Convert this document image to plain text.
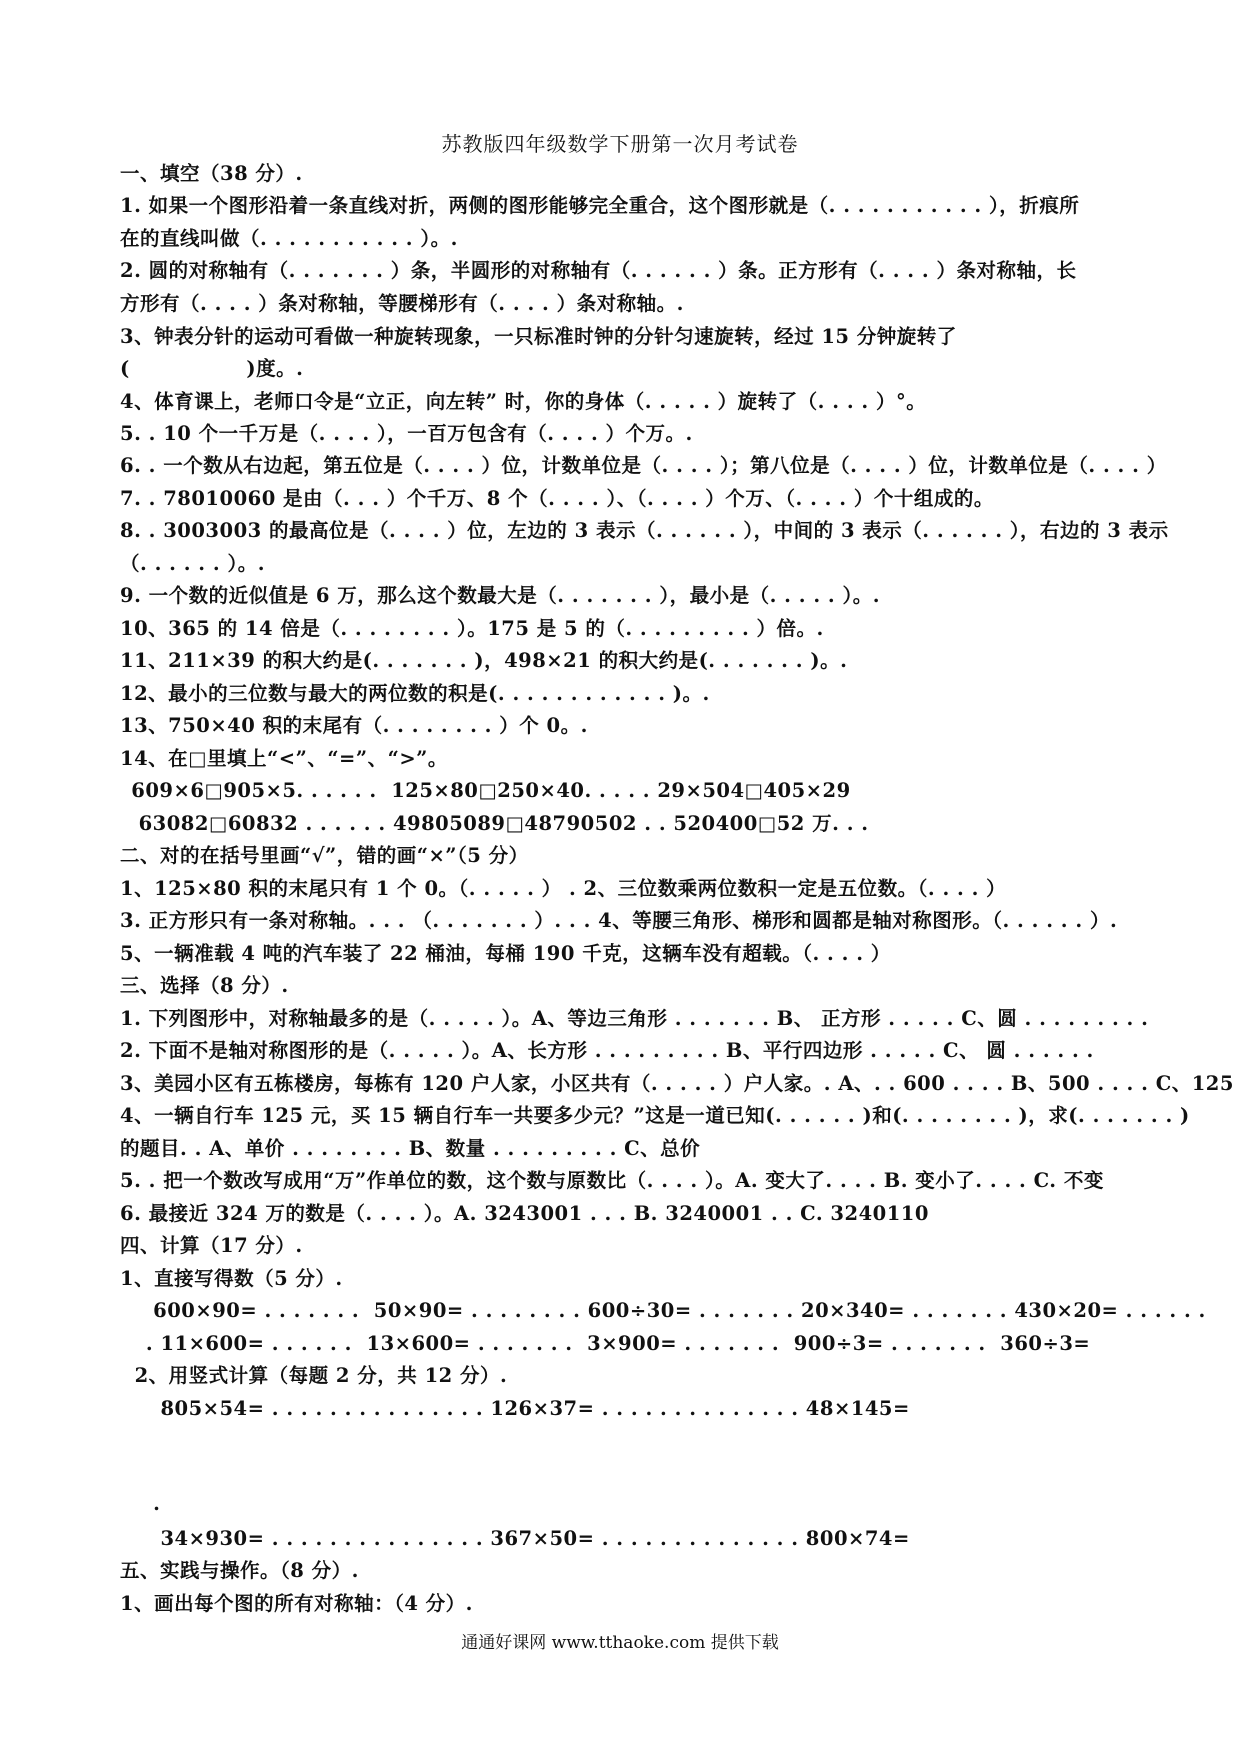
苏教版四年级数学下册第一次月考试卷
一、填空（38 分）.
1. 如果一个图形沿着一条直线对折，两侧的图形能够完全重合，这个图形就是（. . . . . . . . . . . ），折痕所
在的直线叫做（. . . . . . . . . . . ）。.
2. 圆的对称轴有（. . . . . . . ）条，半圆形的对称轴有（. . . . . . ）条。正方形有（. . . . ）条对称轴，长
方形有（. . . . ）条对称轴，等腰梯形有（. . . . ）条对称轴。.
3、钟表分针的运动可看做一种旋转现象，一只标准时钟的分针匀速旋转，经过 15 分钟旋转了
(                )度。.
4、体育课上，老师口令是“立正，向左转” 时，你的身体（. . . . . ）旋转了（. . . . ）°。
5. . 10 个一千万是（. . . . ），一百万包含有（. . . . ）个万。.
6. . 一个数从右边起，第五位是（. . . . ）位，计数单位是（. . . . ）；第八位是（. . . . ）位，计数单位是（. . . . ）
7. . 78010060 是由（. . . ）个千万、8 个（. . . . ）、（. . . . ）个万、（. . . . ）个十组成的。
8. . 3003003 的最高位是（. . . . ）位，左边的 3 表示（. . . . . . ），中间的 3 表示（. . . . . . ），右边的 3 表示
（. . . . . . ）。.
9. 一个数的近似值是 6 万，那么这个数最大是（. . . . . . . ），最小是（. . . . . ）。.
10、365 的 14 倍是（. . . . . . . . ）。175 是 5 的（. . . . . . . . . ）倍。.
11、211×39 的积大约是(. . . . . . . )，498×21 的积大约是(. . . . . . . )。.
12、最小的三位数与最大的两位数的积是(. . . . . . . . . . . . )。.
13、750×40 积的末尾有（. . . . . . . . ）个 0。.
14、在□里填上“<”、“=”、“>”。
609×6□905×5. . . . . .  125×80□250×40. . . . . 29×504□405×29
63082□60832 . . . . . . 49805089□48790502 . . 520400□52 万. . .
二、对的在括号里画“√”，错的画“×”（5 分）
1、125×80 积的末尾只有 1 个 0。（. . . . . ） . 2、三位数乘两位数积一定是五位数。（. . . . ）
3. 正方形只有一条对称轴。. . . （. . . . . . . ）. . . 4、等腰三角形、梯形和圆都是轴对称图形。（. . . . . . ）.
5、一辆准载 4 吨的汽车装了 22 桶油，每桶 190 千克，这辆车没有超载。（. . . . ）
三、选择（8 分）.
1. 下列图形中，对称轴最多的是（. . . . . ）。A、等边三角形 . . . . . . . B、 正方形 . . . . . C、圆 . . . . . . . . .
2. 下面不是轴对称图形的是（. . . . . ）。A、长方形 . . . . . . . . . B、平行四边形 . . . . . C、 圆 . . . . . .
3、美园小区有五栋楼房，每栋有 120 户人家，小区共有（. . . . . ）户人家。. A、. . 600 . . . . B、500 . . . . C、125
4、一辆自行车 125 元，买 15 辆自行车一共要多少元？”这是一道已知(. . . . . . )和(. . . . . . . . )，求(. . . . . . . )
的题目. . A、单价 . . . . . . . . B、数量 . . . . . . . . . C、总价
5. . 把一个数改写成用“万”作单位的数，这个数与原数比（. . . . ）。A. 变大了. . . . B. 变小了. . . . C. 不变
6. 最接近 324 万的数是（. . . . ）。A. 3243001 . . . B. 3240001 . . C. 3240110
四、计算（17 分）.
1、直接写得数（5 分）.
600×90= . . . . . . .  50×90= . . . . . . . . 600÷30= . . . . . . . 20×340= . . . . . . . 430×20= . . . . . .
. 11×600= . . . . . .  13×600= . . . . . . .  3×900= . . . . . . .  900÷3= . . . . . . .  360÷3=
2、用竖式计算（每题 2 分，共 12 分）.
805×54= . . . . . . . . . . . . . . . 126×37= . . . . . . . . . . . . . . 48×145=
.
34×930= . . . . . . . . . . . . . . . 367×50= . . . . . . . . . . . . . . 800×74=
五、实践与操作。（8 分）.
1、画出每个图的所有对称轴：（4 分）.
通通好课网 www.tthaoke.com 提供下载
